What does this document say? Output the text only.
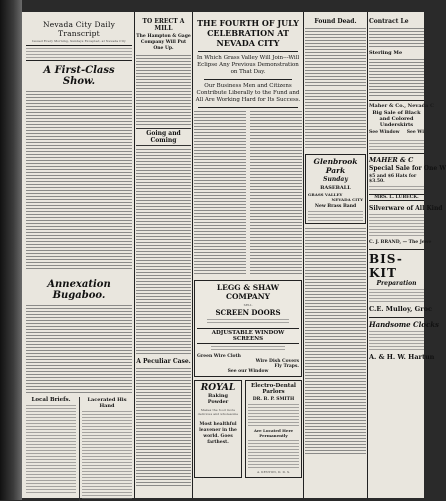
Nevada City Daily Transcript
Issued Every Morning, Sundays Excepted, at Nevada City
A First-Class Show.
Annexation Bugaboo.
Local Briefs.	Lacerated His Hand
TO ERECT A MILL
The Hampton & Gage Company Will Put One Up.
Going and Coming
A Peculiar Case.
THE FOURTH OF JULY CELEBRATION AT NEVADA CITY
In Which Grass Valley Will Join---Will Eclipse Any Previous Demonstration on That Day.
Our Business Men and Citizens Contribute Liberally to the Fund and All Are Working Hard for Its Success.
LEGG & SHAW COMPANY
SELL
SCREEN DOORS
ADJUSTABLE WINDOW SCREENS
Green Wire Cloth
Wire Dish Covers
Fly Traps.
See our Window
ROYAL
Baking Powder
Makes the food more delicious and wholesome
Most healthful leavener in the world. Goes farthest.
Electro-Dental Parlors
DR. B. P. SMITH
Are Located Here Permanently
A. KENYON, D. D. S.
Found Dead.
Glenbrook Park
Sunday
BASEBALL
GRASS VALLEY
NEVADA CITY
New Brass Band
Contract Le
Sterling Me
Maher & Co., Nevada C
Big Sale of Black and Colored Underskirts
See Window See Wi
MAHER & C
Special Sale for One W
$5 and $6 Hats for $3.50.
MRS. L. LUBECK.
Silverware of All Kind
C. J. BRAND, — The Jewe
BIS-KIT
Preparation
C.E. Mulloy, Groc
Handsome Clocks
A. & H. W. Hartun
